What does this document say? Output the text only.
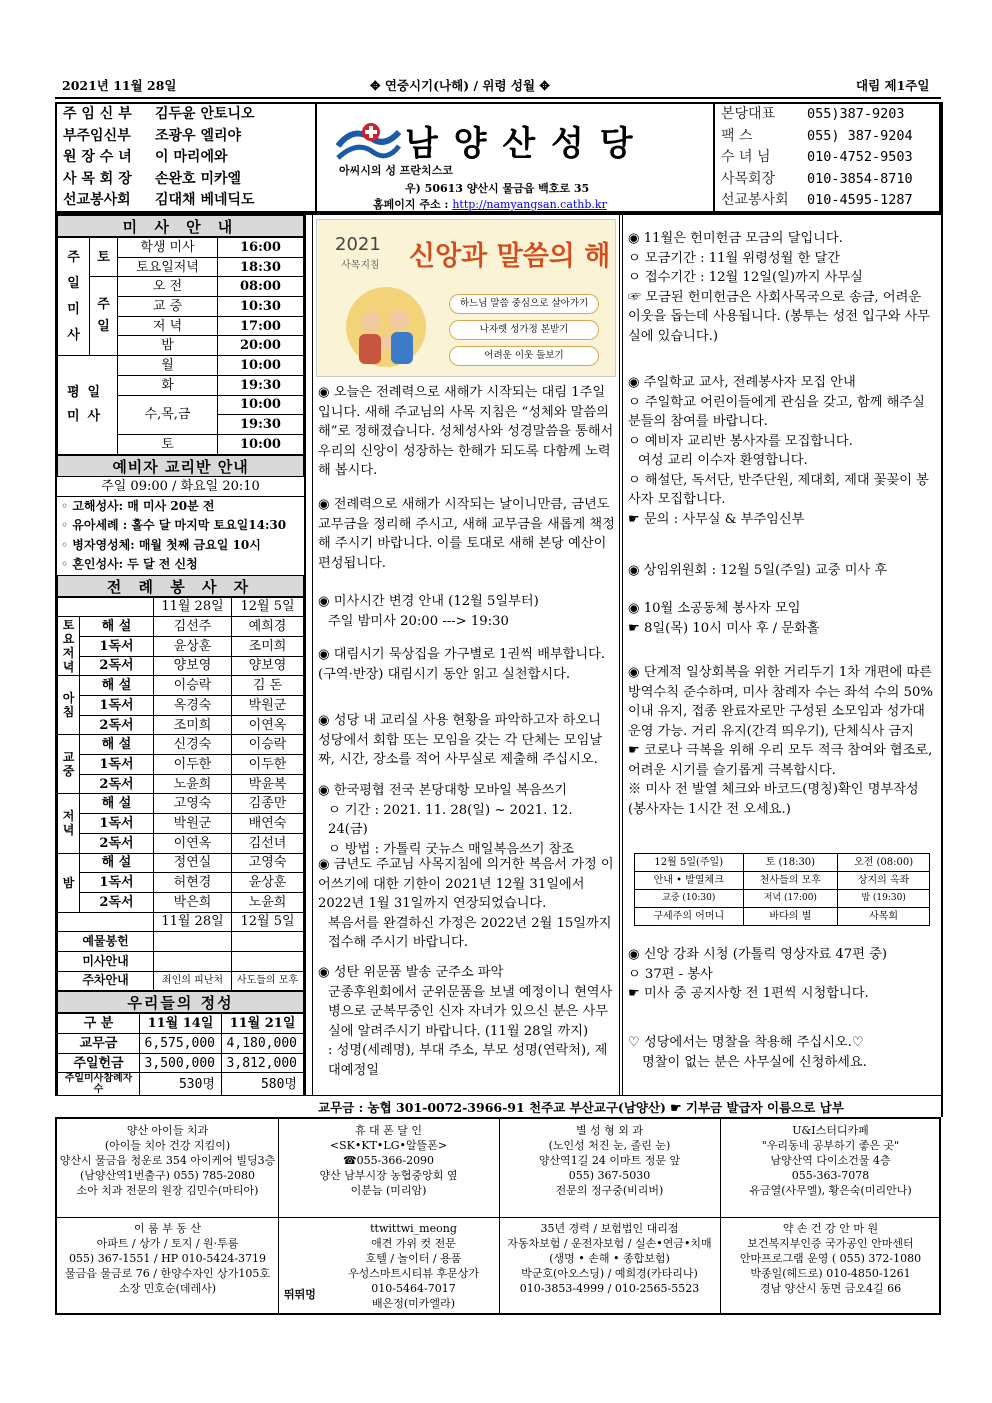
2021년 11월 28일	✥ 연중시기(나해) / 위령 성월 ✥	대림 제1주일
주 임 신 부 김두윤 안토니오
부주임신부 조광우 엘리야
원 장 수 녀 이 마리에와
사 목 회 장 손완호 미카엘
선교봉사회 김대채 베네딕도
남 양 산 성 당
아씨시의 성 프란치스코
우) 50613 양산시 물금읍 백호로 35
홈페이지 주소 : http://namyangsan.cathb.kr
본당대표	055)387-9203
팩 스	055) 387-9204
수 녀 님	010-4752-9503
사목회장	010-3854-8710
선교봉사회	010-4595-1287
미 사 안 내
주
일
미
사	토	학생 미사	16:00
		토요일저녁	18:30
	주
일	오 전	08:00
		교 중	10:30
		저 녁	17:00
		밤	20:00
평일
미사		월	10:00
		화	19:30
		수,목,금	10:00
			19:30
		토	10:00
예비자 교리반 안내
주일 09:00 / 화요일 20:10
◦ 고해성사: 매 미사 20분 전
◦ 유아세례 : 홀수 달 마지막 토요일14:30
◦ 병자영성체: 매월 첫째 금요일 10시
◦ 혼인성사: 두 달 전 신청
전 례 봉 사 자
		11월 28일	12월 5일
토
요
저
녁	해 설	김선주	예희경
	1독서	윤상훈	조미희
	2독서	양보영	양보영
아
침	해 설	이승락	김 돈
	1독서	옥경숙	박원군
	2독서	조미희	이연옥
교
중	해 설	신경숙	이승락
	1독서	이두한	이두한
	2독서	노윤희	박윤복
저
녁	해 설	고영숙	김종만
	1독서	박원군	배연숙
	2독서	이연옥	김선녀
밤	해 설	정연실	고영숙
	1독서	허현경	윤상훈
	2독서	박은희	노윤희
		11월 28일	12월 5일
예물봉헌			
미사안내			
주차안내		죄인의 피난처	사도들의 모후
우리들의 정성
구 분	11월 14일	11월 21일
교무금	6,575,000	4,180,000
주일헌금	3,500,000	3,812,000
주일미사참례자수	530명	580명
2021
사목지침 신앙과 말씀의 해
하느님 말씀 중심으로 살아가기
나자렛 성가정 본받기
어려운 이웃 돌보기
◉ 오늘은 전례력으로 새해가 시작되는 대림 1주일입니다. 새해 주교님의 사목 지침은 “성체와 말씀의 해”로 정해졌습니다. 성체성사와 성경말씀을 통해서 우리의 신앙이 성장하는 한해가 되도록 다함께 노력해 봅시다.
◉ 전례력으로 새해가 시작되는 날이니만큼, 금년도 교무금을 정리해 주시고, 새해 교무금을 새롭게 책정해 주시기 바랍니다. 이를 토대로 새해 본당 예산이 편성됩니다.
◉ 미사시간 변경 안내 (12월 5일부터)
주일 밤미사 20:00 ---> 19:30
◉ 대림시기 묵상집을 가구별로 1권씩 배부합니다. (구역·반장) 대림시기 동안 읽고 실천합시다.
◉ 성당 내 교리실 사용 현황을 파악하고자 하오니 성당에서 회합 또는 모임을 갖는 각 단체는 모임날짜, 시간, 장소를 적어 사무실로 제출해 주십시오.
◉ 한국평협 전국 본당대항 모바일 복음쓰기
ㅇ 기간 : 2021. 11. 28(일) ~ 2021. 12. 24(금)
ㅇ 방법 : 가톨릭 굿뉴스 매일복음쓰기 참조
◉ 금년도 주교님 사목지침에 의거한 복음서 가정 이어쓰기에 대한 기한이 2021년 12월 31일에서 2022년 1월 31일까지 연장되었습니다.
복음서를 완결하신 가정은 2022년 2월 15일까지 접수해 주시기 바랍니다.
◉ 성탄 위문품 발송 군주소 파악
군종후원회에서 군위문품을 보낼 예정이니 현역사병으로 군복무중인 신자 자녀가 있으신 분은 사무실에 알려주시기 바랍니다. (11월 28일 까지)
: 성명(세례명), 부대 주소, 부모 성명(연락처), 제대예정일
◉ 11월은 헌미헌금 모금의 달입니다.
ㅇ 모금기간 : 11월 위령성월 한 달간
ㅇ 접수기간 : 12월 12일(일)까지 사무실
☞ 모금된 헌미헌금은 사회사목국으로 송금, 어려운 이웃을 돕는데 사용됩니다. (봉투는 성전 입구와 사무실에 있습니다.)
◉ 주일학교 교사, 전례봉사자 모집 안내
ㅇ 주일학교 어린이들에게 관심을 갖고, 함께 해주실 분들의 참여를 바랍니다.
ㅇ 예비자 교리반 봉사자를 모집합니다.
여성 교리 이수자 환영합니다.
ㅇ 해설단, 독서단, 반주단원, 제대회, 제대 꽃꽂이 봉사자 모집합니다.
☛ 문의 : 사무실 & 부주임신부
◉ 상임위원회 : 12월 5일(주일) 교중 미사 후
◉ 10월 소공동체 봉사자 모임
☛ 8일(목) 10시 미사 후 / 문화홀
◉ 단계적 일상회복을 위한 거리두기 1차 개편에 따른 방역수칙 준수하며, 미사 참례자 수는 좌석 수의 50%이내 유지, 접종 완료자로만 구성된 소모임과 성가대 운영 가능. 거리 유지(간격 띄우기), 단체식사 금지
☛ 코로나 극복을 위해 우리 모두 적극 참여와 협조로, 어려운 시기를 슬기롭게 극복합시다.
※ 미사 전 발열 체크와 바코드(명칭)확인 명부작성 (봉사자는 1시간 전 오세요.)
12월 5일(주일)	토 (18:30)	오전 (08:00)
안내 • 발열체크	천사들의 모후	상지의 옥좌
교중 (10:30)	저녁 (17:00)	밤 (19:30)
구세주의 어머니	바다의 별	사목회
◉ 신앙 강좌 시청 (가톨릭 영상자료 47편 중)
ㅇ 37편 - 봉사
☛ 미사 중 공지사항 전 1편씩 시청합니다.
♡ 성당에서는 명찰을 착용해 주십시오.♡
명찰이 없는 분은 사무실에 신청하세요.
교무금 : 농협 301-0072-3966-91 천주교 부산교구(남양산) ☛ 기부금 발급자 이름으로 납부
양산 아이들 치과
(아이들 치아 건강 지킴이)
양산시 물금읍 청운로 354 아이케어 빌딩3층
(남양산역1번출구) 055) 785-2080
소아 치과 전문의 원장 김민수(마티아)
휴 대 폰 달 인
<SK•KT•LG•알뜰폰>
☎055-366-2090
양산 남부시장 농협중앙회 옆
이분늠 (미리암)
별 성 형 외 과
(노인성 처진 눈, 졸린 눈)
양산역1길 24 이마트 정문 앞
055) 367-5030
전문의 정구중(비리버)
U&I스터디카페
"우리동네 공부하기 좋은 곳"
남양산역 다이소건물 4층
055-363-7078
유금열(사무엘), 황은숙(미리안나)
이 룸 부 동 산
아파트 / 상가 / 토지 / 원·투룸
055) 367-1551 / HP 010-5424-3719
물금읍 물금로 76 / 한양수자인 상가105호
소장 민호순(데레사)
ttwittwi_meong
애견 가위 컷 전문
호텔 / 놀이터 / 용품
우성스마트시티뷰 후문상가
010-5464-7017
배은정(미카엘라)
뛰뛰멍
35년 경력 / 보험법인 대리점
자동차보험 / 운전자보험 / 실손•연금•치매
(생명 • 손해 • 종합보험)
박군호(아오스딩) / 예희경(카타리나)
010-3853-4999 / 010-2565-5523
약 손 건 강 안 마 원
보건복지부인증 국가공인 안마센터
안마프로그램 운영 ( 055) 372-1080
박종일(헤드로) 010-4850-1261
경남 양산시 동면 금오4길 66
